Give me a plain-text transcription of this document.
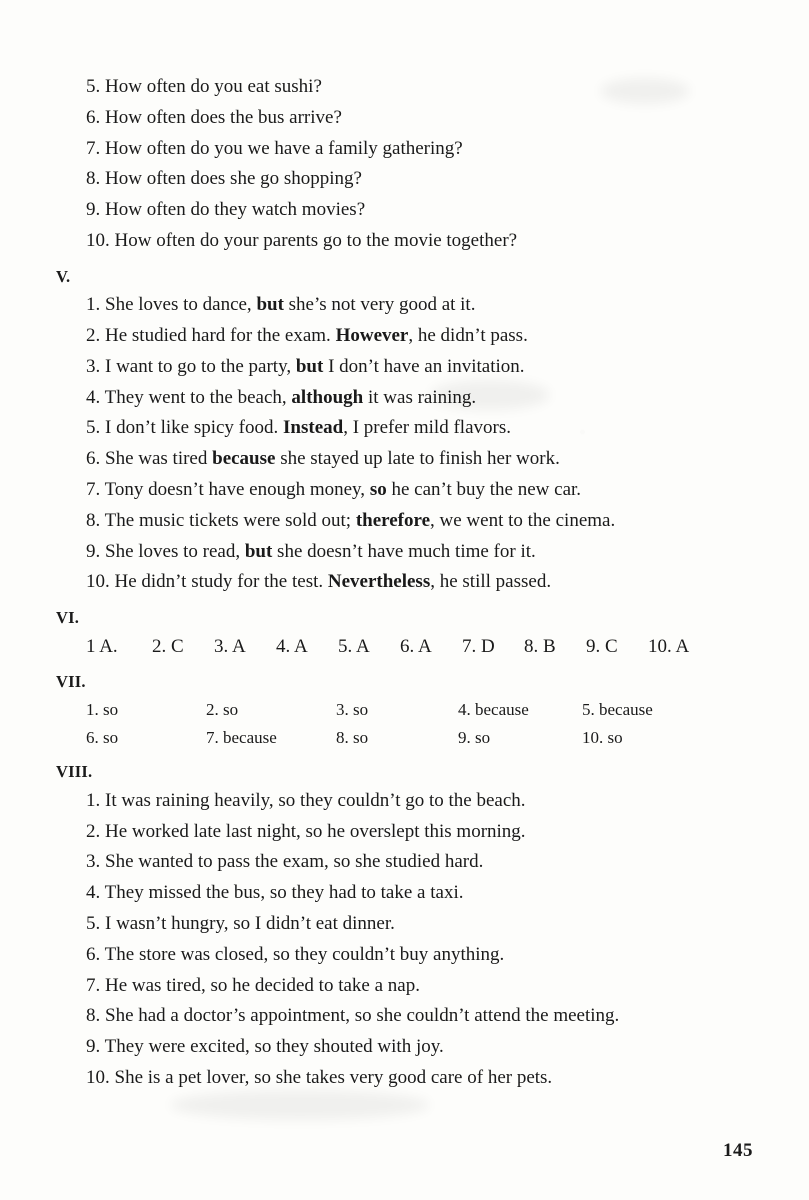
5. How often do you eat sushi?
6. How often does the bus arrive?
7. How often do you we have a family gathering?
8. How often does she go shopping?
9. How often do they watch movies?
10. How often do your parents go to the movie together?
V.
1. She loves to dance, but she’s not very good at it.
2. He studied hard for the exam. However, he didn’t pass.
3. I want to go to the party, but I don’t have an invitation.
4. They went to the beach, although it was raining.
5. I don’t like spicy food. Instead, I prefer mild flavors.
6. She was tired because she stayed up late to finish her work.
7. Tony doesn’t have enough money, so he can’t buy the new car.
8. The music tickets were sold out; therefore, we went to the cinema.
9. She loves to read, but she doesn’t have much time for it.
10. He didn’t study for the test. Nevertheless, he still passed.
VI.
1 A.	2. C	3. A	4. A	5. A	6. A	7. D	8. B	9. C	10. A
VII.
1. so	2. so	3. so	4. because	5. because
6. so	7. because	8. so	9. so	10. so
VIII.
1. It was raining heavily, so they couldn’t go to the beach.
2. He worked late last night, so he overslept this morning.
3. She wanted to pass the exam, so she studied hard.
4. They missed the bus, so they had to take a taxi.
5. I wasn’t hungry, so I didn’t eat dinner.
6. The store was closed, so they couldn’t buy anything.
7. He was tired, so he decided to take a nap.
8. She had a doctor’s appointment, so she couldn’t attend the meeting.
9. They were excited, so they shouted with joy.
10. She is a pet lover, so she takes very good care of her pets.
145
